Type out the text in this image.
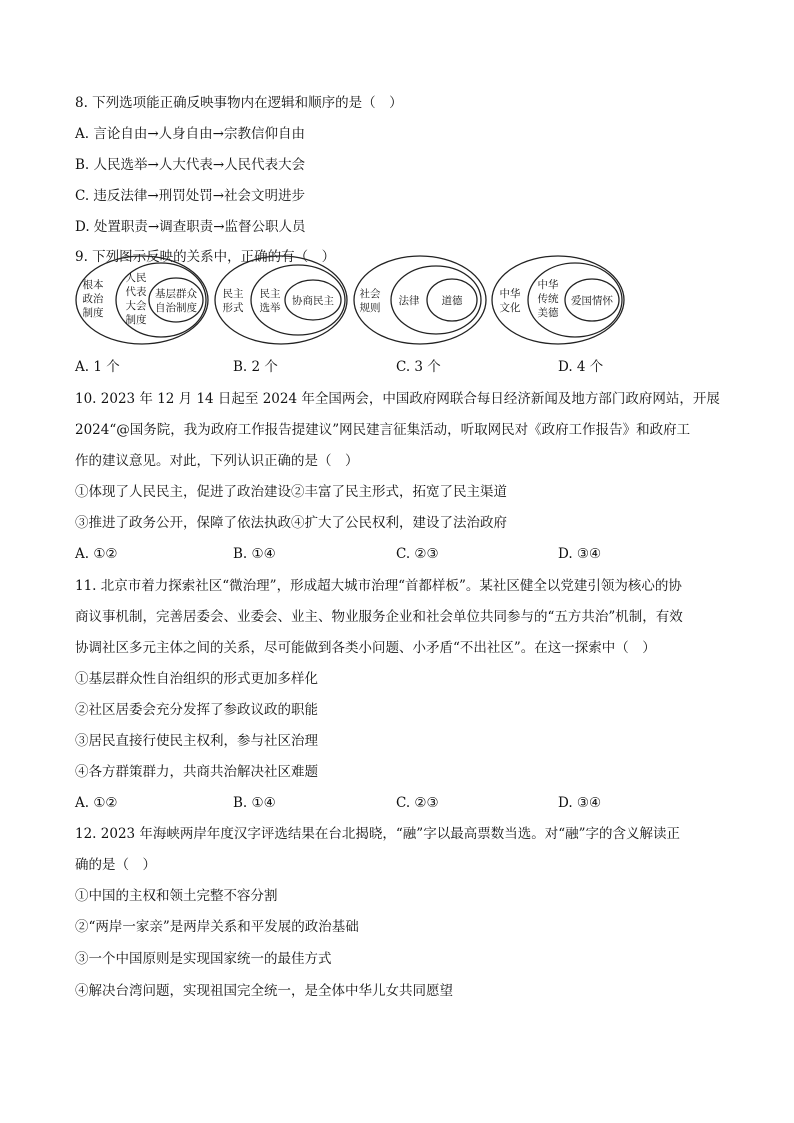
8. 下列选项能正确反映事物内在逻辑和顺序的是（　）
A. 言论自由→人身自由→宗教信仰自由
B. 人民选举→人大代表→人民代表大会
C. 违反法律→刑罚处罚→社会文明进步
D. 处置职责→调查职责→监督公职人员
9. 下列图示反映的关系中，正确的有（　）
根本
政治
制度
人民
代表
大会
制度
基层群众
自治制度
民主
形式
民主
选举
协商民主
社会
规则
法律 道德
中华
文化
中华
传统
美德
爱国情怀
A. 1 个	B. 2 个	C. 3 个	D. 4 个
10. 2023 年 12 月 14 日起至 2024 年全国两会，中国政府网联合每日经济新闻及地方部门政府网站，开展
2024“@国务院，我为政府工作报告提建议”网民建言征集活动，听取网民对《政府工作报告》和政府工
作的建议意见。对此，下列认识正确的是（　）
①体现了人民民主，促进了政治建设②丰富了民主形式，拓宽了民主渠道
③推进了政务公开，保障了依法执政④扩大了公民权利，建设了法治政府
A. ①②	B. ①④	C. ②③	D. ③④
11. 北京市着力探索社区“微治理”，形成超大城市治理“首都样板”。某社区健全以党建引领为核心的协
商议事机制，完善居委会、业委会、业主、物业服务企业和社会单位共同参与的“五方共治”机制，有效
协调社区多元主体之间的关系，尽可能做到各类小问题、小矛盾“不出社区”。在这一探索中（　）
①基层群众性自治组织的形式更加多样化
②社区居委会充分发挥了参政议政的职能
③居民直接行使民主权利，参与社区治理
④各方群策群力，共商共治解决社区难题
A. ①②	B. ①④	C. ②③	D. ③④
12. 2023 年海峡两岸年度汉字评选结果在台北揭晓，“融”字以最高票数当选。对“融”字的含义解读正
确的是（　）
①中国的主权和领土完整不容分割
②“两岸一家亲”是两岸关系和平发展的政治基础
③一个中国原则是实现国家统一的最佳方式
④解决台湾问题，实现祖国完全统一，是全体中华儿女共同愿望
